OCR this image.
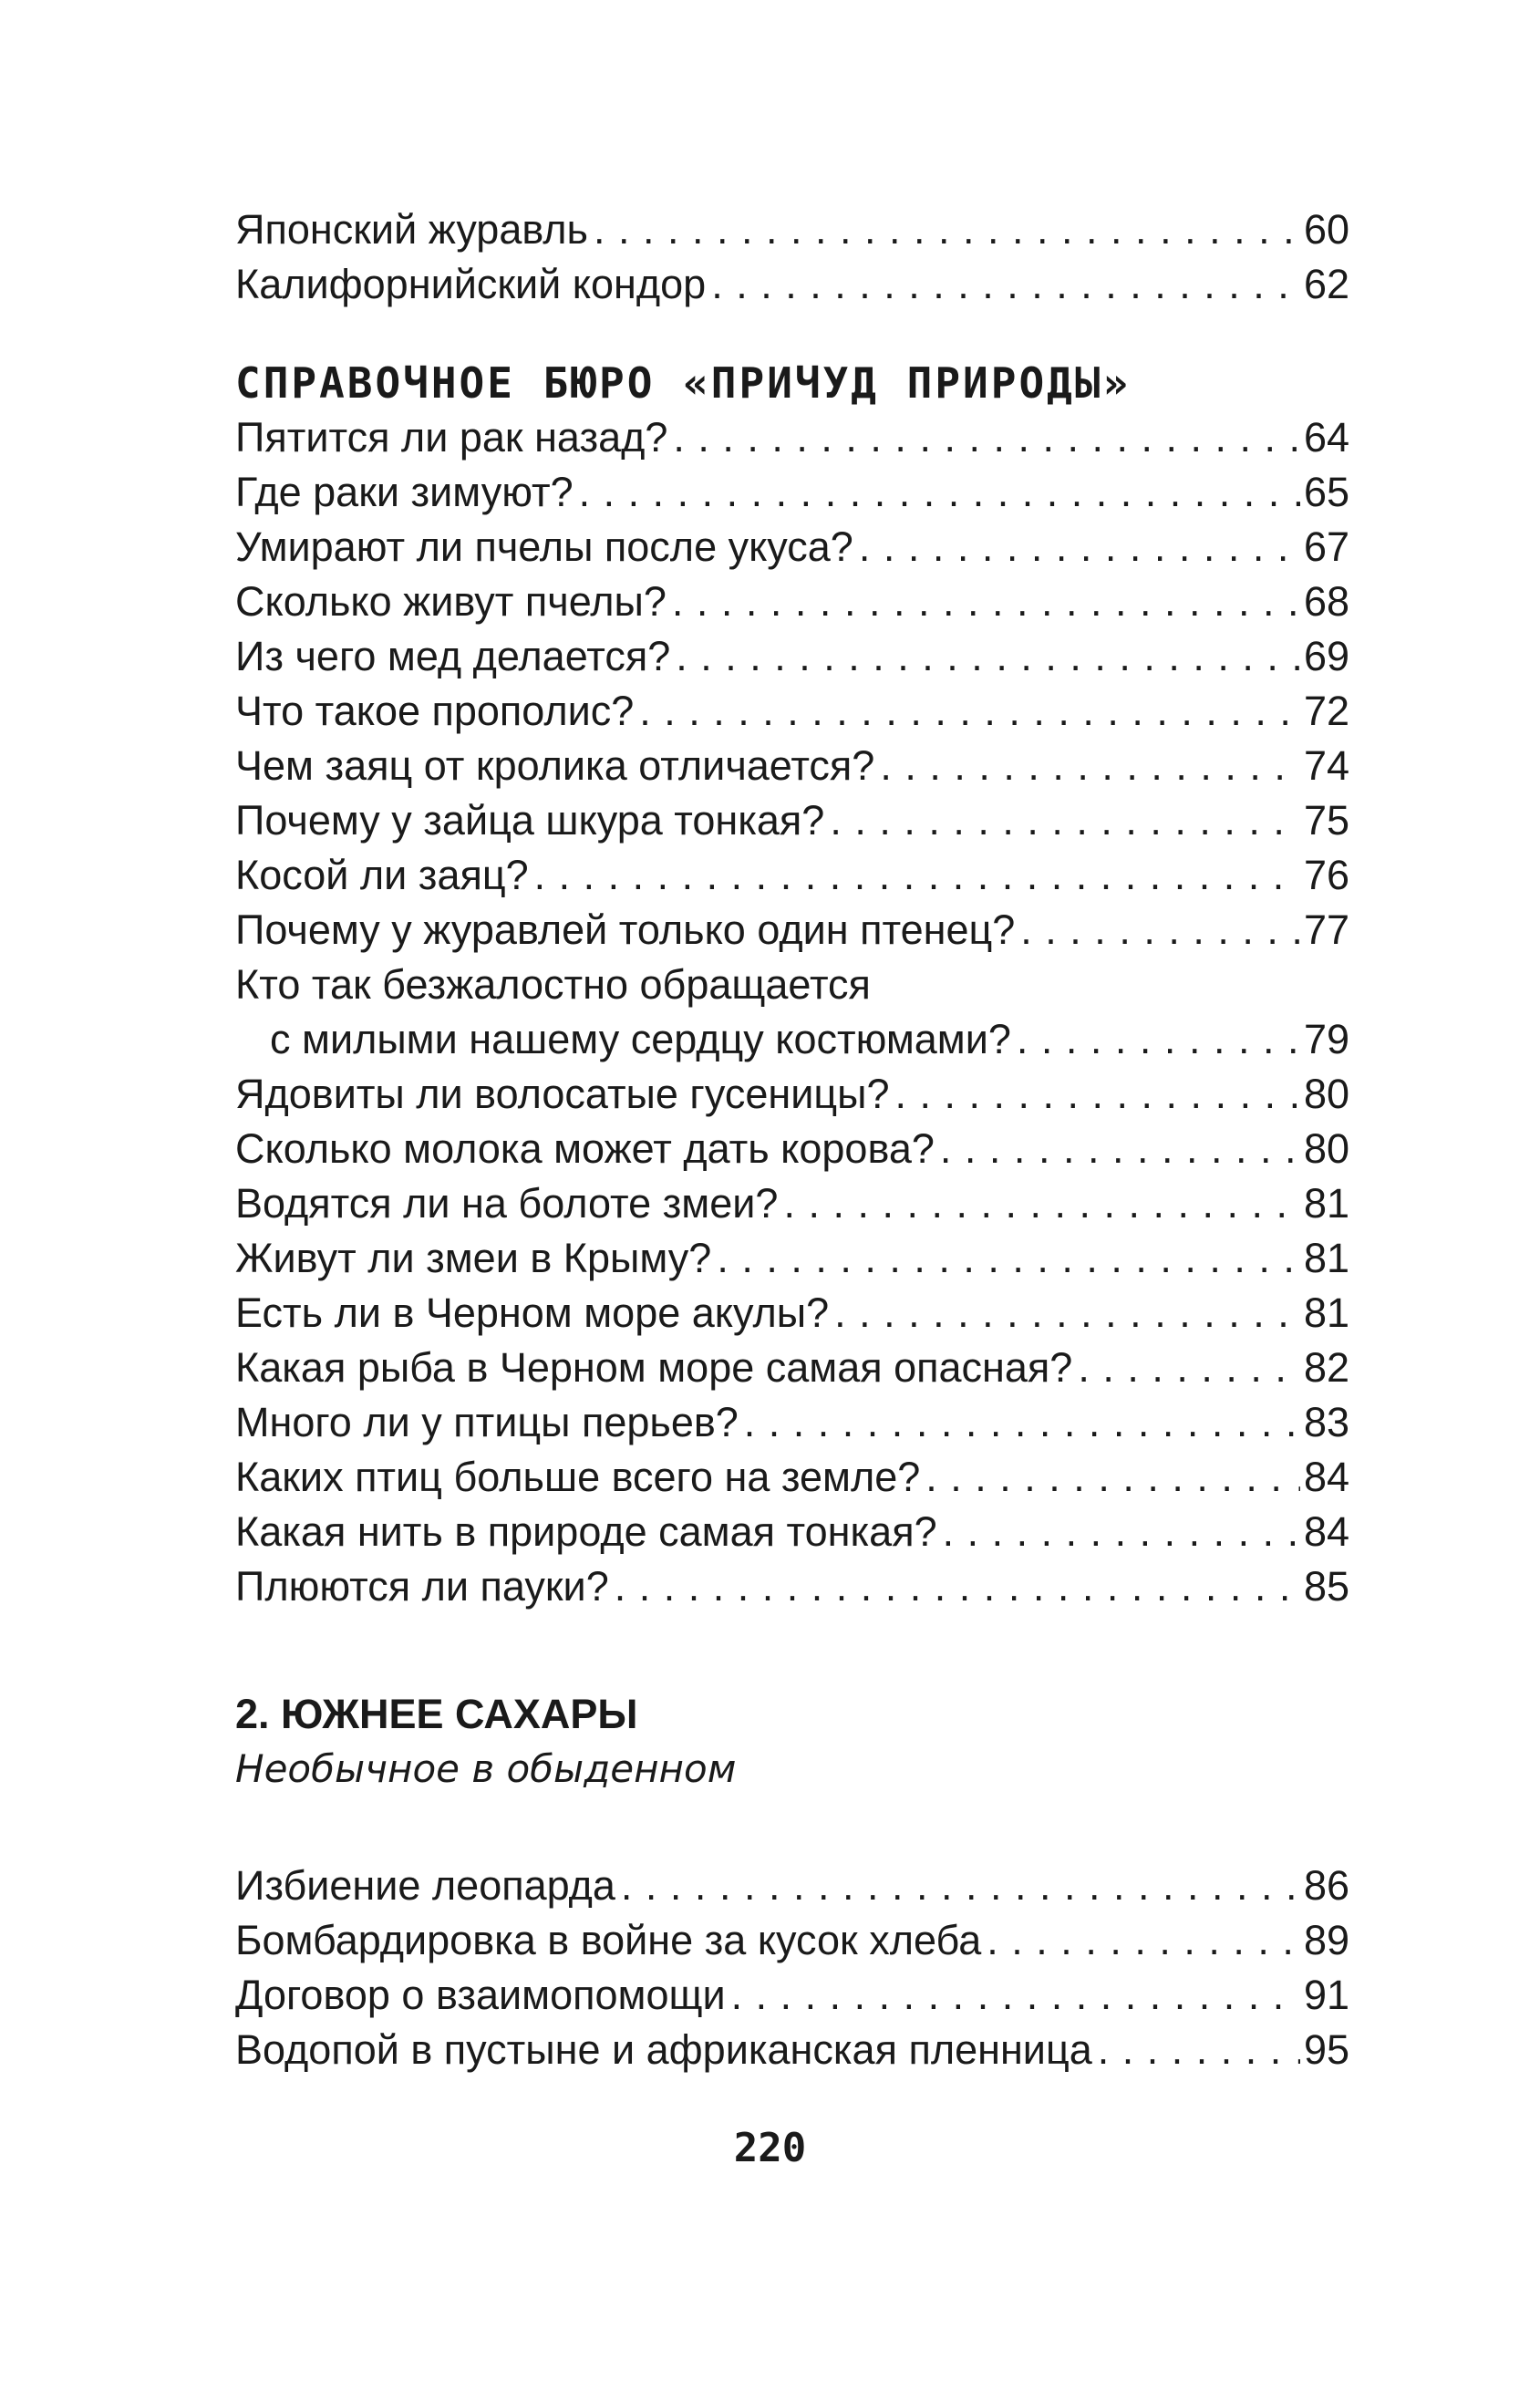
Японский журавль . . .	60
Калифорнийский кондор . . .	62
СПРАВОЧНОЕ БЮРО «ПРИЧУД ПРИРОДЫ»
Пятится ли рак назад? . . .	64
Где раки зимуют? . . .	65
Умирают ли пчелы после укуса? . . .	67
Сколько живут пчелы? . . .	68
Из чего мед делается? . . .	69
Что такое прополис? . . .	72
Чем заяц от кролика отличается? . . .	74
Почему у зайца шкура тонкая? . . .	75
Косой ли заяц? . . .	76
Почему у журавлей только один птенец? . . .	77
Кто так безжалостно обращается
с милыми нашему сердцу костюмами? . . .	79
Ядовиты ли волосатые гусеницы? . . .	80
Сколько молока может дать корова? . . .	80
Водятся ли на болоте змеи? . . .	81
Живут ли змеи в Крыму? . . .	81
Есть ли в Черном море акулы? . . .	81
Какая рыба в Черном море самая опасная? . . .	82
Много ли у птицы перьев? . . .	83
Каких птиц больше всего на земле? . . .	84
Какая нить в природе самая тонкая? . . .	84
Плюются ли пауки? . . .	85
2. ЮЖНЕЕ САХАРЫ
Необычное в обыденном
Избиение леопарда . . .	86
Бомбардировка в войне за кусок хлеба . . .	89
Договор о взаимопомощи . . .	91
Водопой в пустыне и африканская пленница . . .	95
220
